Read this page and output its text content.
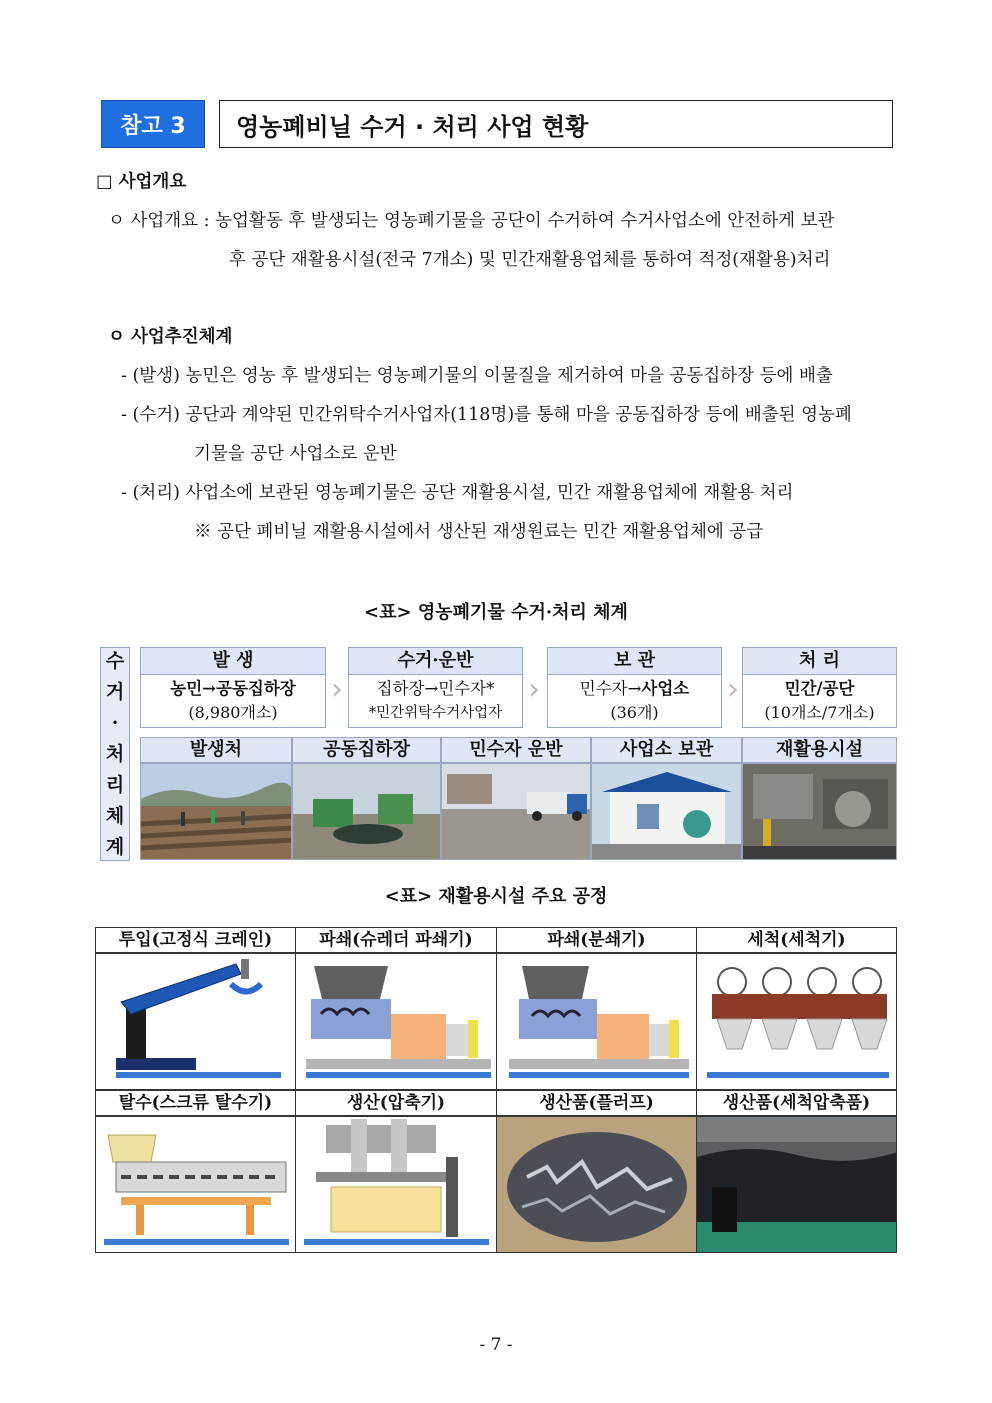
참고 3	영농폐비닐 수거 · 처리 사업 현황
□ 사업개요
ㅇ 사업개요 : 농업활동 후 발생되는 영농폐기물을 공단이 수거하여 수거사업소에 안전하게 보관
후 공단 재활용시설(전국 7개소) 및 민간재활용업체를 통하여 적정(재활용)처리
ㅇ 사업추진체계
- (발생) 농민은 영농 후 발생되는 영농폐기물의 이물질을 제거하여 마을 공동집하장 등에 배출
- (수거) 공단과 계약된 민간위탁수거사업자(118명)를 통해 마을 공동집하장 등에 배출된 영농폐
기물을 공단 사업소로 운반
- (처리) 사업소에 보관된 영농폐기물은 공단 재활용시설, 민간 재활용업체에 재활용 처리
※ 공단 폐비닐 재활용시설에서 생산된 재생원료는 민간 재활용업체에 공급
<표> 영농폐기물 수거·처리 체계
수
거
·
처
리
체
계
발 생
농민→공동집하장
(8,980개소)
›
수거·운반
집하장→민수자*
*민간위탁수거사업자
›
보 관
민수자→사업소
(36개)
›
처 리
민간/공단
(10개소/7개소)
발생처	공동집하장	민수자 운반	사업소 보관	재활용시설
<표> 재활용시설 주요 공정
투입(고정식 크레인)	파쇄(슈레더 파쇄기)	파쇄(분쇄기)	세척(세척기)
탈수(스크류 탈수기)	생산(압축기)	생산품(플러프)	생산품(세척압축품)
- 7 -
